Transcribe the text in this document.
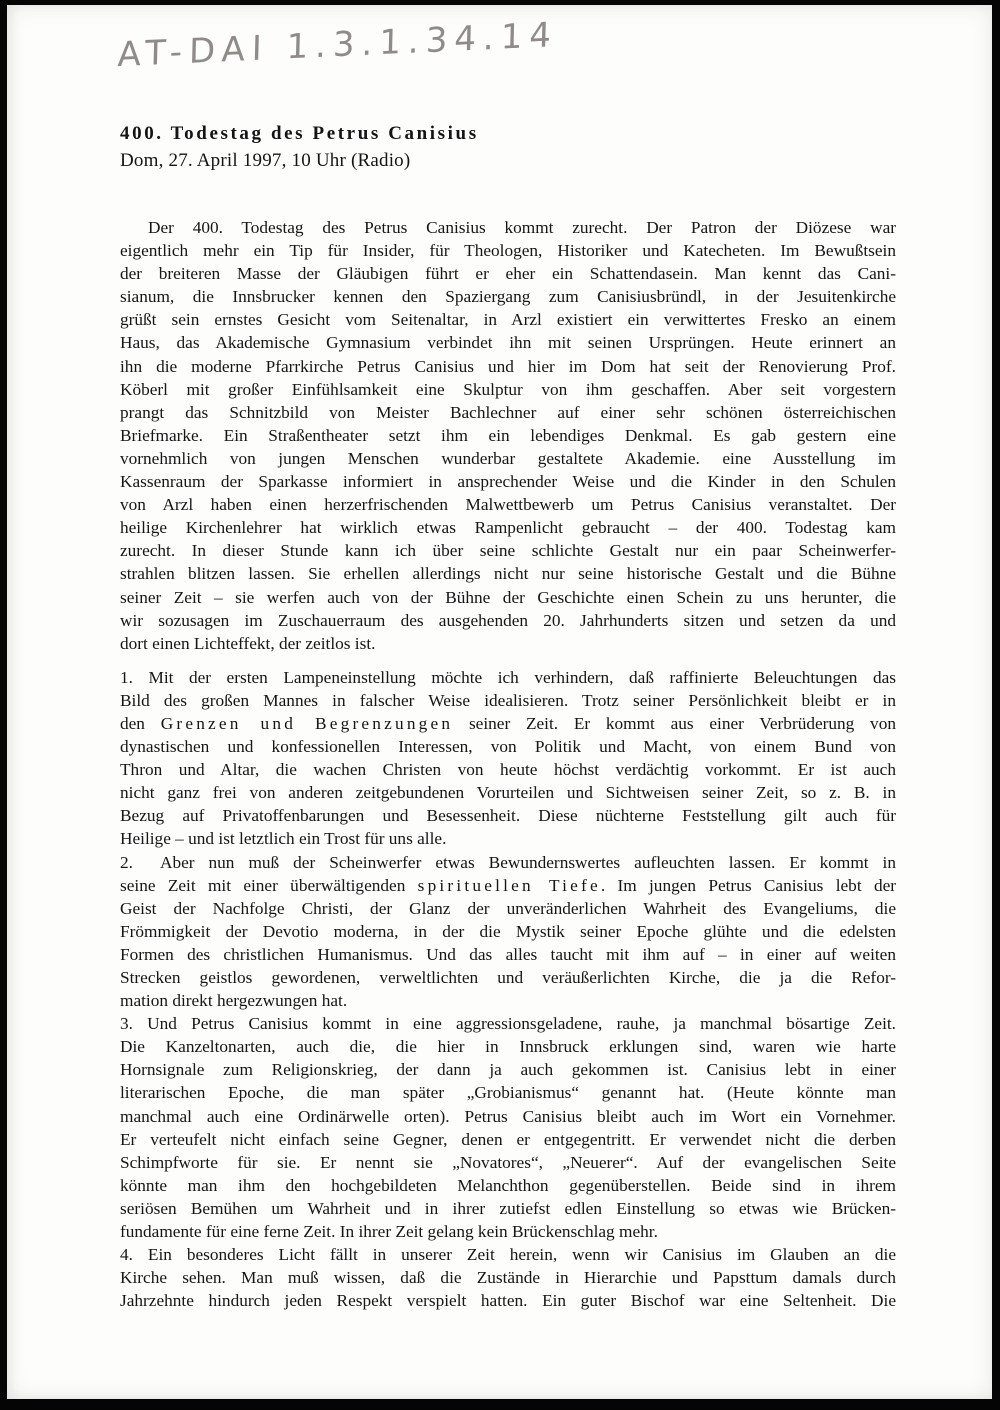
AT-DAI 1.3.1.34.14
400. Todestag des Petrus Canisius
Dom, 27. April 1997, 10 Uhr (Radio)
Der 400. Todestag des Petrus Canisius kommt zurecht. Der Patron der Diözese war
eigentlich mehr ein Tip für Insider, für Theologen, Historiker und Katecheten. Im Bewußtsein
der breiteren Masse der Gläubigen führt er eher ein Schattendasein. Man kennt das Cani-
sianum, die Innsbrucker kennen den Spaziergang zum Canisiusbründl, in der Jesuitenkirche
grüßt sein ernstes Gesicht vom Seitenaltar, in Arzl existiert ein verwittertes Fresko an einem
Haus, das Akademische Gymnasium verbindet ihn mit seinen Ursprüngen. Heute erinnert an
ihn die moderne Pfarrkirche Petrus Canisius und hier im Dom hat seit der Renovierung Prof.
Köberl mit großer Einfühlsamkeit eine Skulptur von ihm geschaffen. Aber seit vorgestern
prangt das Schnitzbild von Meister Bachlechner auf einer sehr schönen österreichischen
Briefmarke. Ein Straßentheater setzt ihm ein lebendiges Denkmal. Es gab gestern eine
vornehmlich von jungen Menschen wunderbar gestaltete Akademie. eine Ausstellung im
Kassenraum der Sparkasse informiert in ansprechender Weise und die Kinder in den Schulen
von Arzl haben einen herzerfrischenden Malwettbewerb um Petrus Canisius veranstaltet. Der
heilige Kirchenlehrer hat wirklich etwas Rampenlicht gebraucht – der 400. Todestag kam
zurecht. In dieser Stunde kann ich über seine schlichte Gestalt nur ein paar Scheinwerfer-
strahlen blitzen lassen. Sie erhellen allerdings nicht nur seine historische Gestalt und die Bühne
seiner Zeit – sie werfen auch von der Bühne der Geschichte einen Schein zu uns herunter, die
wir sozusagen im Zuschauerraum des ausgehenden 20. Jahrhunderts sitzen und setzen da und
dort einen Lichteffekt, der zeitlos ist.
1. Mit der ersten Lampeneinstellung möchte ich verhindern, daß raffinierte Beleuchtungen das
Bild des großen Mannes in falscher Weise idealisieren. Trotz seiner Persönlichkeit bleibt er in
den Grenzen und Begrenzungen seiner Zeit. Er kommt aus einer Verbrüderung von
dynastischen und konfessionellen Interessen, von Politik und Macht, von einem Bund von
Thron und Altar, die wachen Christen von heute höchst verdächtig vorkommt. Er ist auch
nicht ganz frei von anderen zeitgebundenen Vorurteilen und Sichtweisen seiner Zeit, so z. B. in
Bezug auf Privatoffenbarungen und Besessenheit. Diese nüchterne Feststellung gilt auch für
Heilige – und ist letztlich ein Trost für uns alle.
2.  Aber nun muß der Scheinwerfer etwas Bewundernswertes aufleuchten lassen. Er kommt in
seine Zeit mit einer überwältigenden spirituellen Tiefe. Im jungen Petrus Canisius lebt der
Geist der Nachfolge Christi, der Glanz der unveränderlichen Wahrheit des Evangeliums, die
Frömmigkeit der Devotio moderna, in der die Mystik seiner Epoche glühte und die edelsten
Formen des christlichen Humanismus. Und das alles taucht mit ihm auf – in einer auf weiten
Strecken geistlos gewordenen, verweltlichten und veräußerlichten Kirche, die ja die Refor-
mation direkt hergezwungen hat.
3. Und Petrus Canisius kommt in eine aggressionsgeladene, rauhe, ja manchmal bösartige Zeit.
Die Kanzeltonarten, auch die, die hier in Innsbruck erklungen sind, waren wie harte
Hornsignale zum Religionskrieg, der dann ja auch gekommen ist. Canisius lebt in einer
literarischen Epoche, die man später „Grobianismus“ genannt hat. (Heute könnte man
manchmal auch eine Ordinärwelle orten). Petrus Canisius bleibt auch im Wort ein Vornehmer.
Er verteufelt nicht einfach seine Gegner, denen er entgegentritt. Er verwendet nicht die derben
Schimpfworte für sie. Er nennt sie „Novatores“, „Neuerer“. Auf der evangelischen Seite
könnte man ihm den hochgebildeten Melanchthon gegenüberstellen. Beide sind in ihrem
seriösen Bemühen um Wahrheit und in ihrer zutiefst edlen Einstellung so etwas wie Brücken-
fundamente für eine ferne Zeit. In ihrer Zeit gelang kein Brückenschlag mehr.
4. Ein besonderes Licht fällt in unserer Zeit herein, wenn wir Canisius im Glauben an die
Kirche sehen. Man muß wissen, daß die Zustände in Hierarchie und Papsttum damals durch
Jahrzehnte hindurch jeden Respekt verspielt hatten. Ein guter Bischof war eine Seltenheit. Die
